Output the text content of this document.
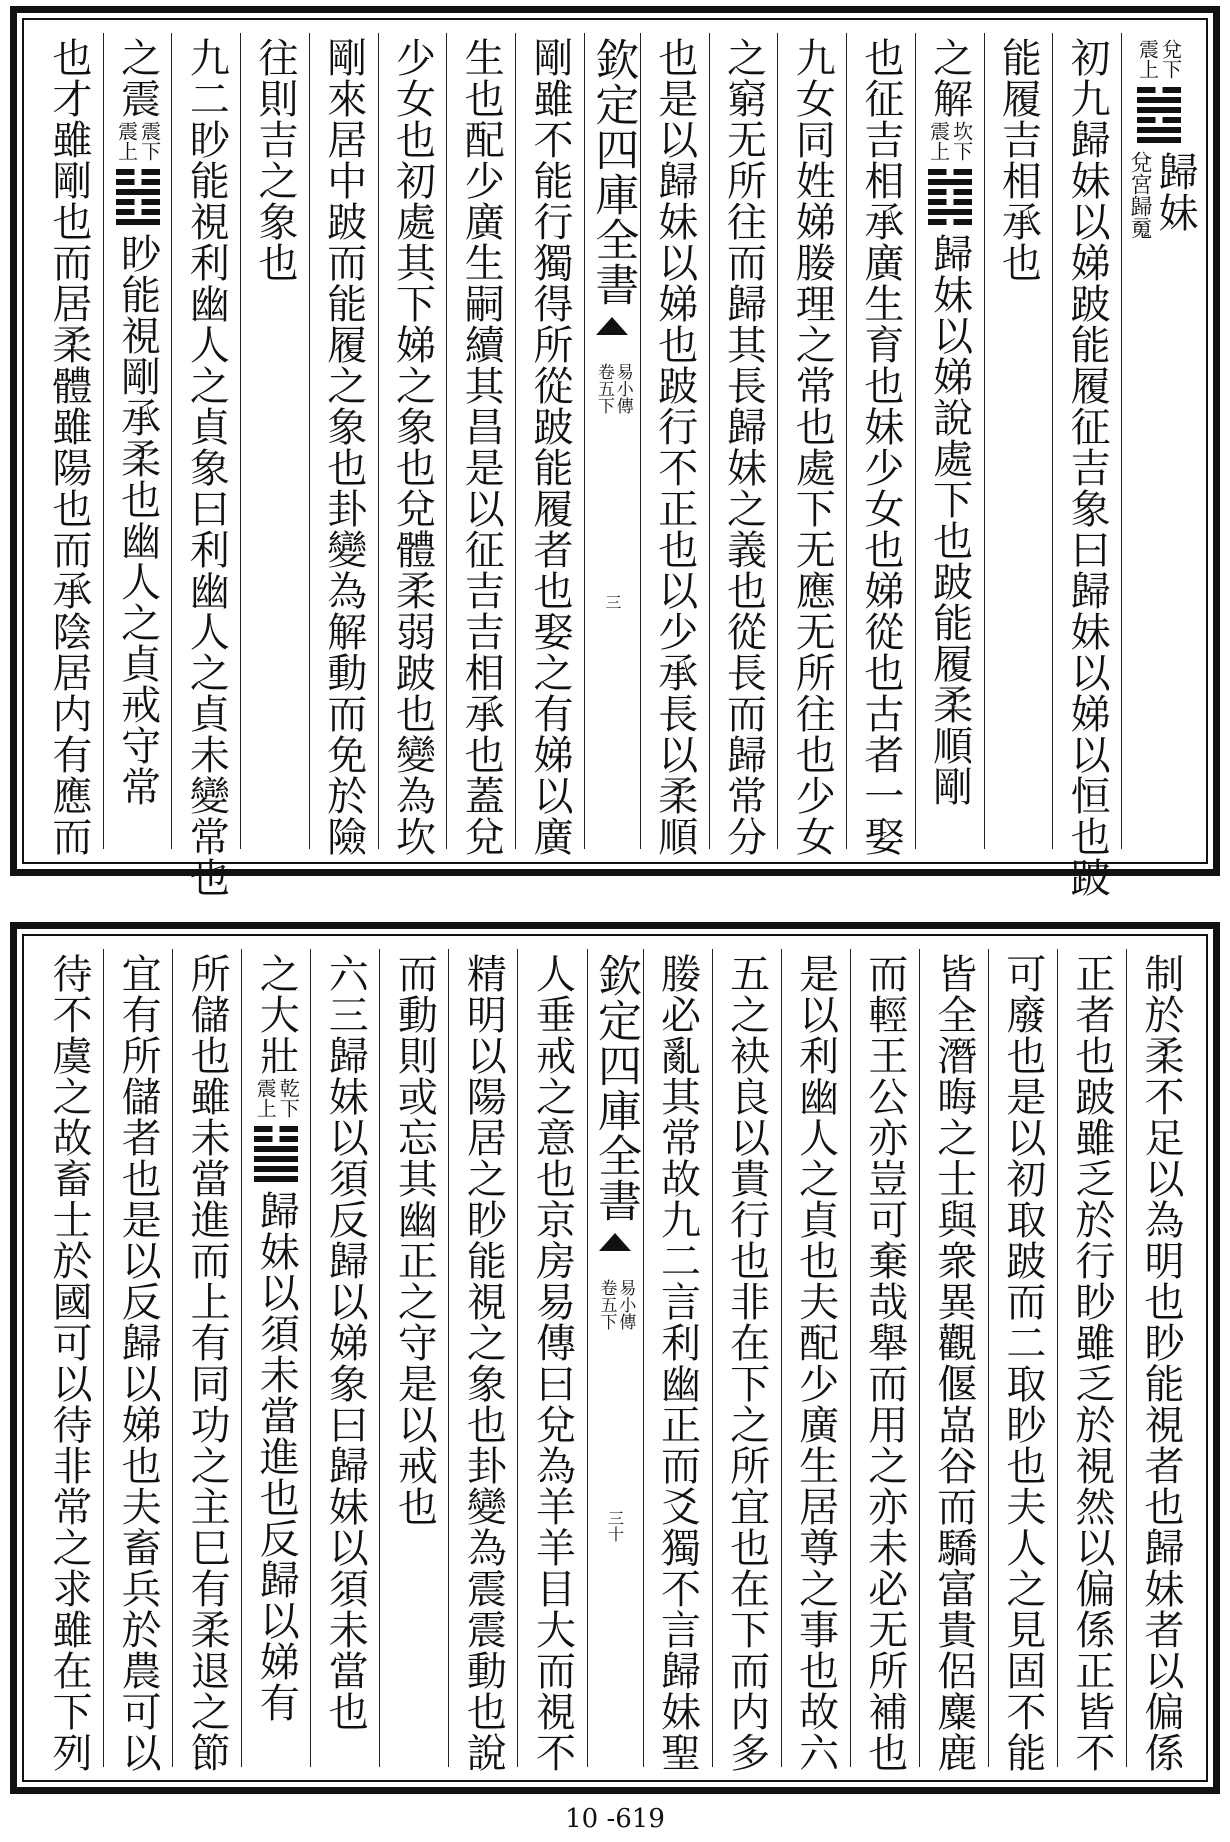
兌下
震上
歸妹
兌宮歸䰟
初九歸妹以娣跛能履征吉象曰歸妹以娣以恒也跛
能履吉相承也
之解
坎下
震上
歸妹以娣說處下也跛能履柔順剛
也征吉相承廣生育也妹少女也娣從也古者一娶
九女同姓娣媵理之常也處下无應无所往也少女
之窮无所往而歸其長歸妹之義也從長而歸常分
也是以歸妹以娣也跛行不正也以少承長以柔順
欽定四庫全書
易小傳
卷五下
三
剛雖不能行獨得所從跛能履者也娶之有娣以廣
生也配少廣生嗣續其昌是以征吉吉相承也蓋兌
少女也初處其下娣之象也兌體柔弱跛也變為坎
剛來居中跛而能履之象也卦變為解動而免於險
往則吉之象也
九二眇能視利幽人之貞象曰利幽人之貞未變常也
之震
震下
震上
眇能視剛承柔也幽人之貞戒守常
也才雖剛也而居柔體雖陽也而承陰居内有應而
制於柔不足以為明也眇能視者也歸妹者以偏係
正者也跛雖乏於行眇雖乏於視然以偏係正皆不
可廢也是以初取跛而二取眇也夫人之見固不能
皆全潛晦之士與衆異觀偃嵓谷而驕富貴侶麋鹿
而輕王公亦豈可棄哉舉而用之亦未必无所補也
是以利幽人之貞也夫配少廣生居尊之事也故六
五之袂良以貴行也非在下之所宜也在下而内多
媵必亂其常故九二言利幽正而爻獨不言歸妹聖
欽定四庫全書
易小傳
卷五下
三十
人垂戒之意也京房易傳曰兌為羊羊目大而視不
精明以陽居之眇能視之象也卦變為震震動也說
而動則或忘其幽正之守是以戒也
六三歸妹以須反歸以娣象曰歸妹以須未當也
之大壯
乾下
震上
歸妹以須未當進也反歸以娣有
所儲也雖未當進而上有同功之主巳有柔退之節
宜有所儲者也是以反歸以娣也夫畜兵於農可以
待不虞之故畜士於國可以待非常之求雖在下列
10 -619
